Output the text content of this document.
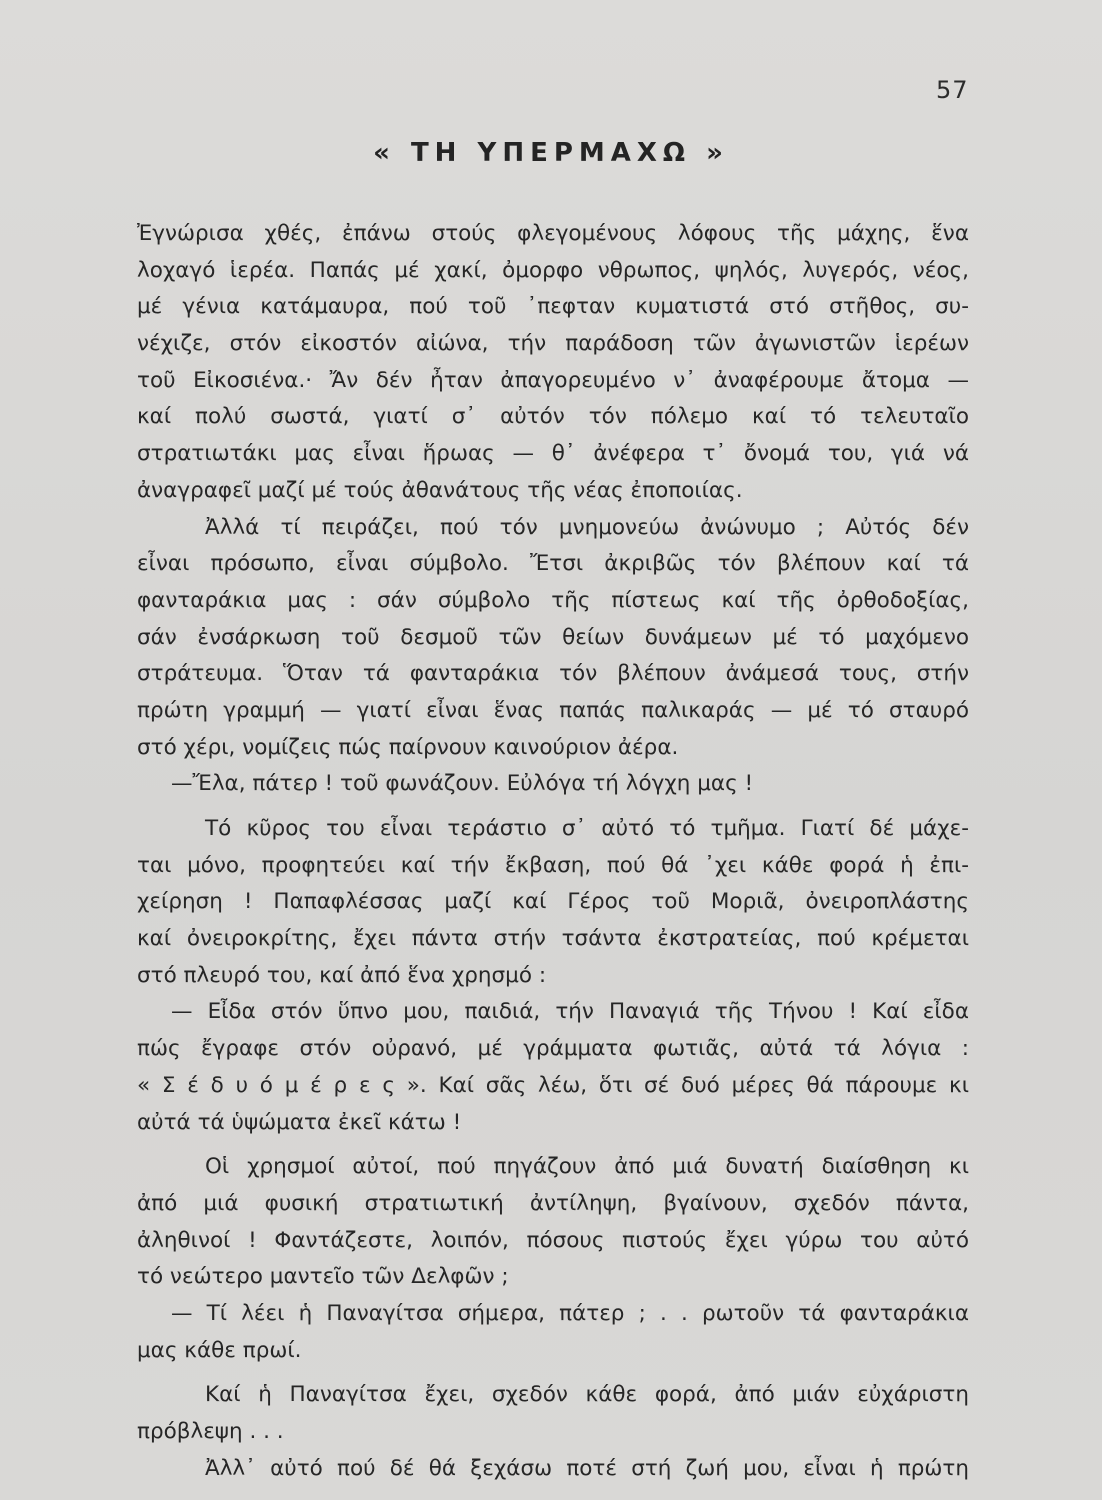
57
« ΤΗ ΥΠΕΡΜΑΧΩ »
Ἐγνώρισα χθές, ἐπάνω στούς φλεγομένους λόφους τῆς μάχης, ἕνα
λοχαγό ἱερέα. Παπάς μέ χακί, ὀμορφο νθρωπος, ψηλός, λυγερός, νέος,
μέ γένια κατάμαυρα, πού τοῦ ᾿πεφταν κυματιστά στό στῆθος, συ-
νέχιζε, στόν εἰκοστόν αἰώνα, τήν παράδοση τῶν ἀγωνιστῶν ἱερέων
τοῦ Εἰκοσιένα.· Ἄν δέν ἦταν ἀπαγορευμένο ν᾿ ἀναφέρουμε ἄτομα —
καί πολύ σωστά, γιατί σ᾿ αὐτόν τόν πόλεμο καί τό τελευταῖο
στρατιωτάκι μας εἶναι ἥρωας — θ᾿ ἀνέφερα τ᾿ ὄνομά του, γιά νά
ἀναγραφεῖ μαζί μέ τούς ἀθανάτους τῆς νέας ἐποποιίας.
Ἀλλά τί πειράζει, πού τόν μνημονεύω ἀνώνυμο ; Αὐτός δέν
εἶναι πρόσωπο, εἶναι σύμβολο. Ἔτσι ἀκριβῶς τόν βλέπουν καί τά
φανταράκια μας : σάν σύμβολο τῆς πίστεως καί τῆς ὀρθοδοξίας,
σάν ἐνσάρκωση τοῦ δεσμοῦ τῶν θείων δυνάμεων μέ τό μαχόμενο
στράτευμα. Ὅταν τά φανταράκια τόν βλέπουν ἀνάμεσά τους, στήν
πρώτη γραμμή — γιατί εἶναι ἕνας παπάς παλικαράς — μέ τό σταυρό
στό χέρι, νομίζεις πώς παίρνουν καινούριον ἀέρα.
—Ἔλα, πάτερ ! τοῦ φωνάζουν. Εὐλόγα τή λόγχη μας !
Τό κῦρος του εἶναι τεράστιο σ᾿ αὐτό τό τμῆμα. Γιατί δέ μάχε-
ται μόνο, προφητεύει καί τήν ἔκβαση, πού θά ᾿χει κάθε φορά ἡ ἐπι-
χείρηση ! Παπαφλέσσας μαζί καί Γέρος τοῦ Μοριᾶ, ὀνειροπλάστης
καί ὀνειροκρίτης, ἔχει πάντα στήν τσάντα ἐκστρατείας, πού κρέμεται
στό πλευρό του, καί ἀπό ἕνα χρησμό :
— Εἶδα στόν ὕπνο μου, παιδιά, τήν Παναγιά τῆς Τήνου ! Καί εἶδα
πώς ἔγραφε στόν οὐρανό, μέ γράμματα φωτιᾶς, αὐτά τά λόγια :
« Σ έ δ υ ό μ έ ρ ε ς ». Καί σᾶς λέω, ὅτι σέ δυό μέρες θά πάρουμε κι
αὐτά τά ὑψώματα ἐκεῖ κάτω !
Οἱ χρησμοί αὐτοί, πού πηγάζουν ἀπό μιά δυνατή διαίσθηση κι
ἀπό μιά φυσική στρατιωτική ἀντίληψη, βγαίνουν, σχεδόν πάντα,
ἀληθινοί ! Φαντάζεστε, λοιπόν, πόσους πιστούς ἔχει γύρω του αὐτό
τό νεώτερο μαντεῖο τῶν Δελφῶν ;
— Τί λέει ἡ Παναγίτσα σήμερα, πάτερ ; . . ρωτοῦν τά φανταράκια
μας κάθε πρωί.
Καί ἡ Παναγίτσα ἔχει, σχεδόν κάθε φορά, ἀπό μιάν εὐχάριστη
πρόβλεψη . . .
Ἀλλ᾿ αὐτό πού δέ θά ξεχάσω ποτέ στή ζωή μου, εἶναι ἡ πρώτη
